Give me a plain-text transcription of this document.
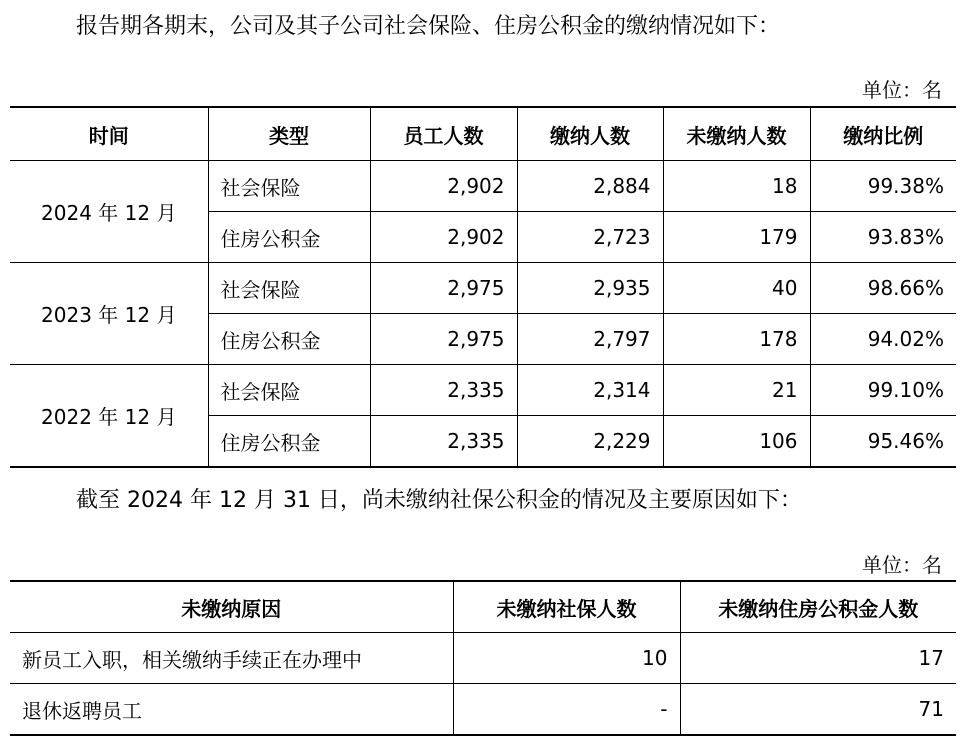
报告期各期末，公司及其子公司社会保险、住房公积金的缴纳情况如下：
单位：名
时间	类型	员工人数	缴纳人数	未缴纳人数	缴纳比例
2024 年 12 月	社会保险	2,902	2,884	18	99.38%
	住房公积金	2,902	2,723	179	93.83%
2023 年 12 月	社会保险	2,975	2,935	40	98.66%
	住房公积金	2,975	2,797	178	94.02%
2022 年 12 月	社会保险	2,335	2,314	21	99.10%
	住房公积金	2,335	2,229	106	95.46%
截至 2024 年 12 月 31 日，尚未缴纳社保公积金的情况及主要原因如下：
单位：名
未缴纳原因	未缴纳社保人数	未缴纳住房公积金人数
新员工入职，相关缴纳手续正在办理中	10	17
退休返聘员工	-	71
